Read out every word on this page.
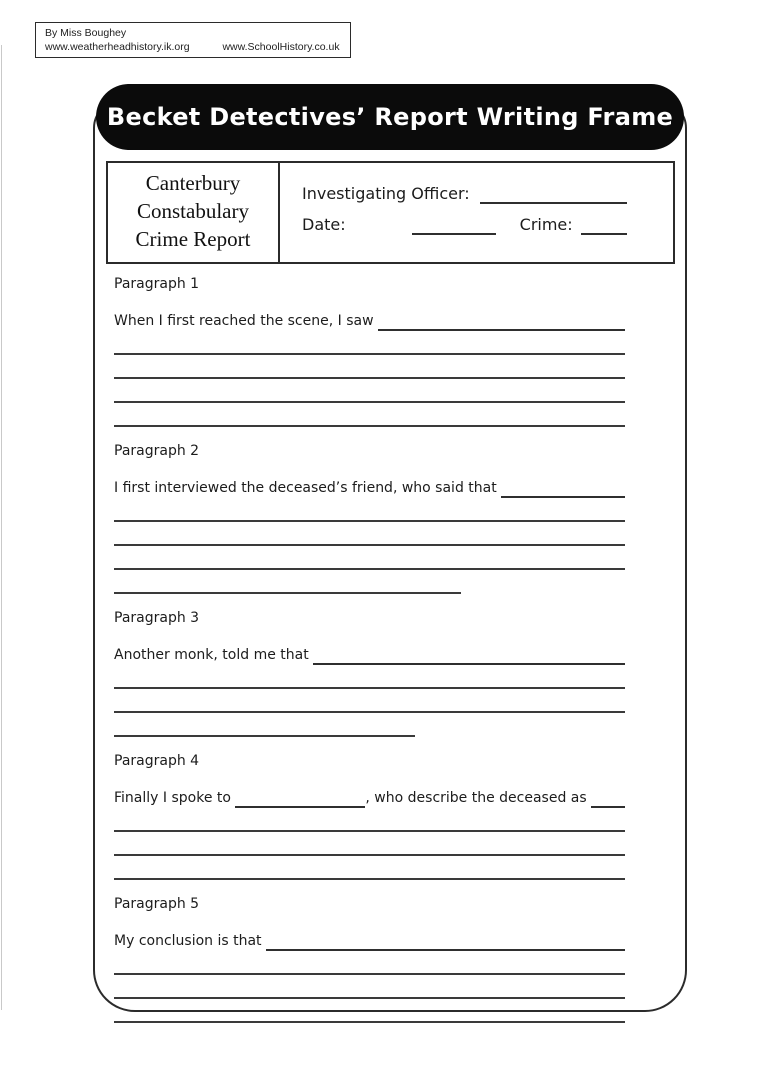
By Miss Boughey
www.weatherheadhistory.ik.org	www.SchoolHistory.co.uk
Canterbury
Constabulary
Crime Report
Investigating Officer:
Date:	Crime:
Paragraph 1
When I first reached the scene, I saw
Paragraph 2
I first interviewed the deceased’s friend, who said that
Paragraph 3
Another monk, told me that
Paragraph 4
Finally I spoke to	, who describe the deceased as
Paragraph 5
My conclusion is that
Becket Detectives’ Report Writing Frame
